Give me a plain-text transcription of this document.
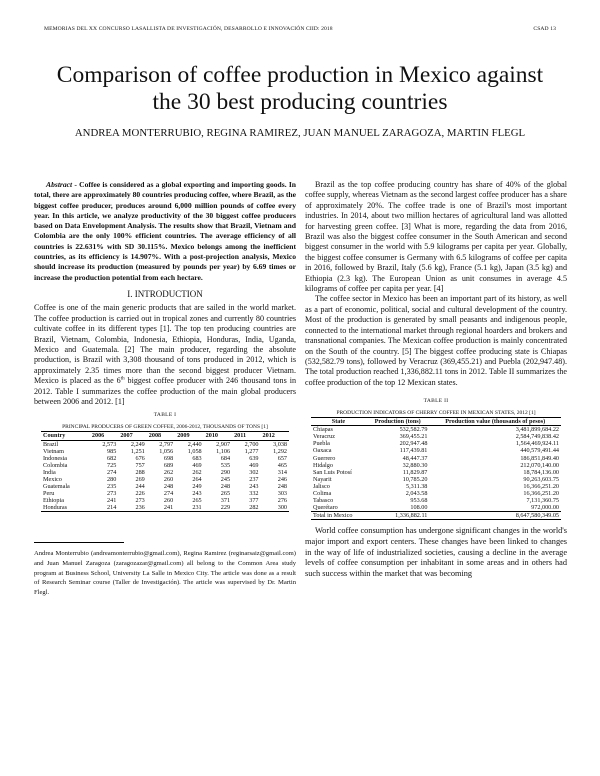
MEMORIAS DEL XX CONCURSO LASALLISTA DE INVESTIGACIÓN, DESARROLLO E INNOVACIÓN CIID: 2018	CSAD 13
Comparison of coffee production in Mexico against the 30 best producing countries
ANDREA MONTERRUBIO, REGINA RAMIREZ, JUAN MANUEL ZARAGOZA, MARTIN FLEGL

Abstract - Coffee is considered as a global exporting and importing goods. In total, there are approximately 80 countries producing coffee, where Brazil, as the biggest coffee producer, produces around 6,000 million pounds of coffee every year. In this article, we analyze productivity of the 30 biggest coffee producers based on Data Envelopment Analysis. The results show that Brazil, Vietnam and Colombia are the only 100% efficient countries. The average efficiency of all countries is 22.631% with SD 30.115%. Mexico belongs among the inefficient countries, as its efficiency is 14.907%. With a post-projection analysis, Mexico should increase its production (measured by pounds per year) by 6.69 times or increase the production potential from each hectare.

I. INTRODUCTION

Coffee is one of the main generic products that are sailed in the world market. The coffee production is carried out in tropical zones and currently 80 countries cultivate coffee in its different types [1]. The top ten producing countries are Brazil, Vietnam, Colombia, Indonesia, Ethiopia, Honduras, India, Uganda, Mexico and Guatemala. [2] The main producer, regarding the absolute production, is Brazil with 3,308 thousand of tons produced in 2012, which is approximately 2.35 times more than the second biggest producer Vietnam. Mexico is placed as the 6th biggest coffee producer with 246 thousand tons in 2012. Table I summarizes the coffee production of the main global producers between 2006 and 2012. [1]

TABLE I
PRINCIPAL PRODUCERS OF GREEN COFFEE, 2006-2012, THOUSANDS OF TONS [1]
Country	2006	2007	2008	2009	2010	2011	2012
Brazil	2,573	2,249	2,797	2,440	2,907	2,700	3,038
Vietnam	985	1,251	1,056	1,058	1,106	1,277	1,292
Indonesia	682	676	698	683	684	639	657
Colombia	725	757	689	469	535	469	465
India	274	288	262	262	290	302	314
Mexico	280	269	260	264	245	237	246
Guatemala	235	244	248	249	248	243	248
Peru	273	226	274	243	265	332	303
Ethiopia	241	273	260	265	371	377	276
Honduras	214	236	241	231	229	282	300

Andrea Monterrubio (andreamonterrubio@gmail.com), Regina Ramirez (reginarsaiz@gmail.com) and Juan Manuel Zaragoza (zaragozazar@gmail.com) all belong to the Common Area study program at Business School, University La Salle in Mexico City. The article was done as a result of Research Seminar course (Taller de Investigación). The article was supervised by Dr. Martin Flegl.

Brazil as the top coffee producing country has share of 40% of the global coffee supply, whereas Vietnam as the second largest coffee producer has a share of approximately 20%. The coffee trade is one of Brazil's most important industries. In 2014, about two million hectares of agricultural land was allotted for harvesting green coffee. [3] What is more, regarding the data from 2016, Brazil was also the biggest coffee consumer in the South American and second biggest consumer in the world with 5.9 kilograms per capita per year. Globally, the biggest coffee consumer is Germany with 6.5 kilograms of coffee per capita in 2016, followed by Brazil, Italy (5.6 kg), France (5.1 kg), Japan (3.5 kg) and Ethiopia (2.3 kg). The European Union as unit consumes in average 4.5 kilograms of coffee per capita per year. [4]

The coffee sector in Mexico has been an important part of its history, as well as a part of economic, political, social and cultural development of the country. Most of the production is generated by small peasants and indigenous people, connected to the international market through regional hoarders and brokers and transnational companies. The Mexican coffee production is mainly concentrated on the South of the country. [5] The biggest coffee producing state is Chiapas (532,582.79 tons), followed by Veracruz (369,455.21) and Puebla (202,947.48). The total production reached 1,336,882.11 tons in 2012. Table II summarizes the coffee production of the top 12 Mexican states.

TABLE II
PRODUCTION INDICATORS OF CHERRY COFFEE IN MEXICAN STATES, 2012 [1]
State	Production (tons)	Production value (thousands of pesos)
Chiapas	532,582.79	3,481,899,684.22
Veracruz	369,455.21	2,584,749,838.42
Puebla	202,947.48	1,564,469,924.11
Oaxaca	117,439.81	440,579,491.44
Guerrero	48,447.37	186,851,849.40
Hidalgo	32,880.30	212,070,140.00
San Luis Potosí	11,829.87	18,784,136.00
Nayarit	10,785.20	90,263,603.75
Jalisco	5,311.38	16,366,251.20
Colima	2,043.58	16,366,251.20
Tabasco	953.68	7,131,360.75
Querétaro	108.00	972,000.00
Total in Mexico	1,336,882.11	8,647,580,349.05

World coffee consumption has undergone significant changes in the world's major import and export centers. These changes have been linked to changes in the way of life of industrialized societies, causing a decline in the average levels of coffee consumption per inhabitant in some areas and in others had such success within the market that was becoming
